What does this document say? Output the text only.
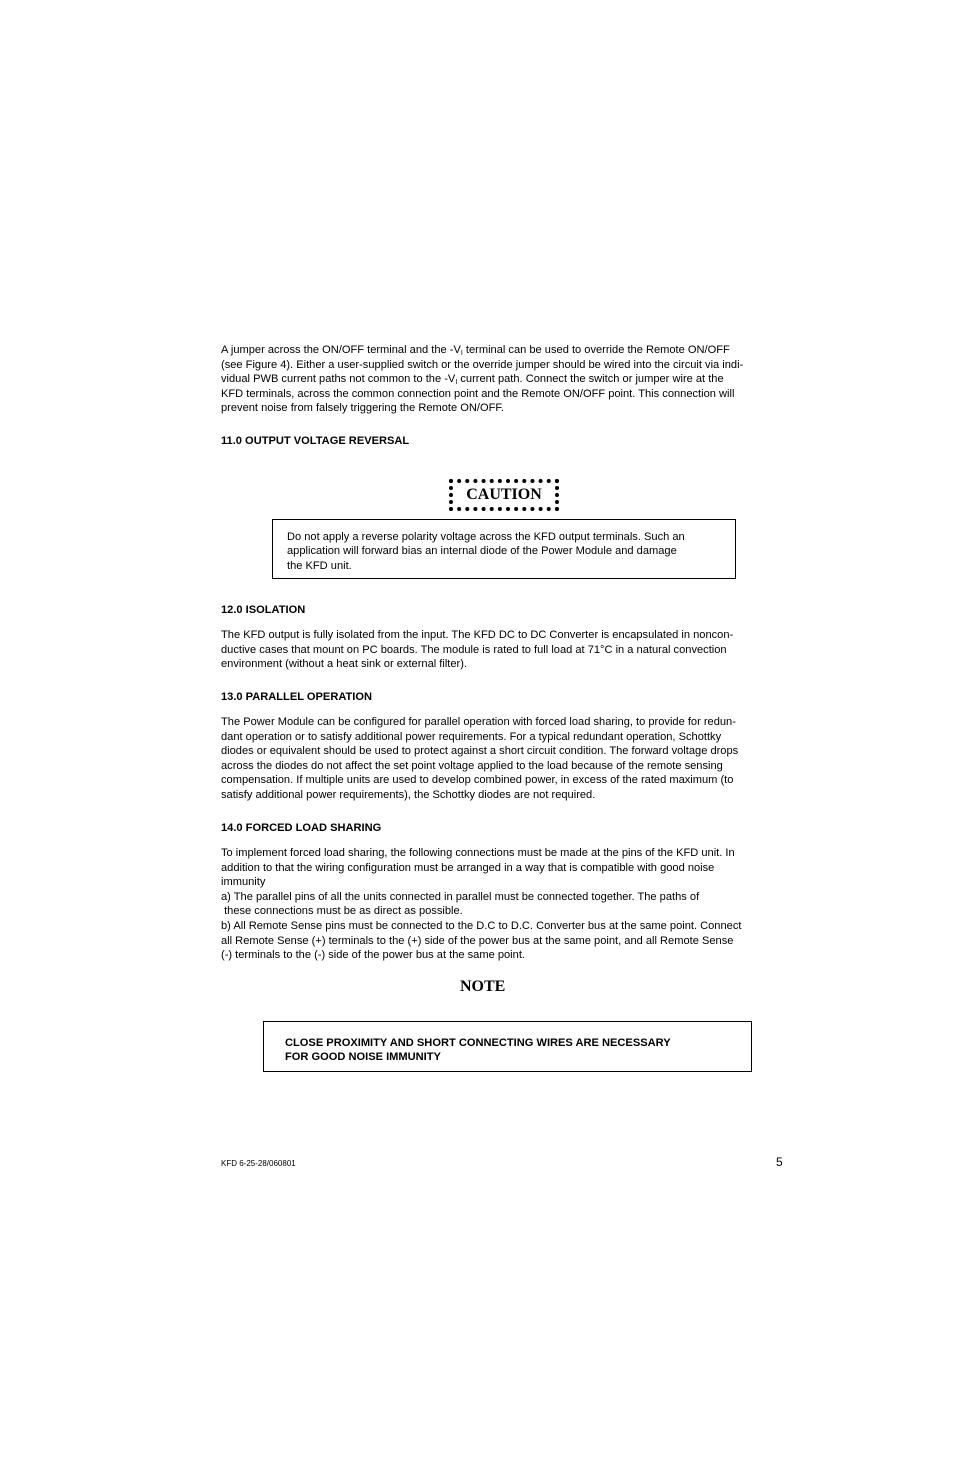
A jumper across the ON/OFF terminal and the $-V_I$ terminal can be used to override the Remote ON/OFF
(see Figure 4). Either a user-supplied switch or the override jumper should be wired into the circuit via indi-
vidual PWB current paths not common to the $-V_I$ current path. Connect the switch or jumper wire at the
KFD terminals, across the common connection point and the Remote ON/OFF point. This connection will
prevent noise from falsely triggering the Remote ON/OFF.
11.0 OUTPUT VOLTAGE REVERSAL
CAUTION
Do not apply a reverse polarity voltage across the KFD output terminals. Such an
application will forward bias an internal diode of the Power Module and damage
the KFD unit.
12.0 ISOLATION
The KFD output is fully isolated from the input. The KFD DC to DC Converter is encapsulated in noncon-
ductive cases that mount on PC boards. The module is rated to full load at 71°C in a natural convection
environment (without a heat sink or external filter).
13.0 PARALLEL OPERATION
The Power Module can be configured for parallel operation with forced load sharing, to provide for redun-
dant operation or to satisfy additional power requirements. For a typical redundant operation, Schottky
diodes or equivalent should be used to protect against a short circuit condition. The forward voltage drops
across the diodes do not affect the set point voltage applied to the load because of the remote sensing
compensation. If multiple units are used to develop combined power, in excess of the rated maximum (to
satisfy additional power requirements), the Schottky diodes are not required.
14.0 FORCED LOAD SHARING
To implement forced load sharing, the following connections must be made at the pins of the KFD unit. In
addition to that the wiring configuration must be arranged in a way that is compatible with good noise
immunity
a) The parallel pins of all the units connected in parallel must be connected together. The paths of
these connections must be as direct as possible.
b) All Remote Sense pins must be connected to the D.C to D.C. Converter bus at the same point. Connect
all Remote Sense (+) terminals to the (+) side of the power bus at the same point, and all Remote Sense
(-) terminals to the (-) side of the power bus at the same point.
NOTE
CLOSE PROXIMITY AND SHORT CONNECTING WIRES ARE NECESSARY
FOR GOOD NOISE IMMUNITY
KFD 6-25-28/060801	5
